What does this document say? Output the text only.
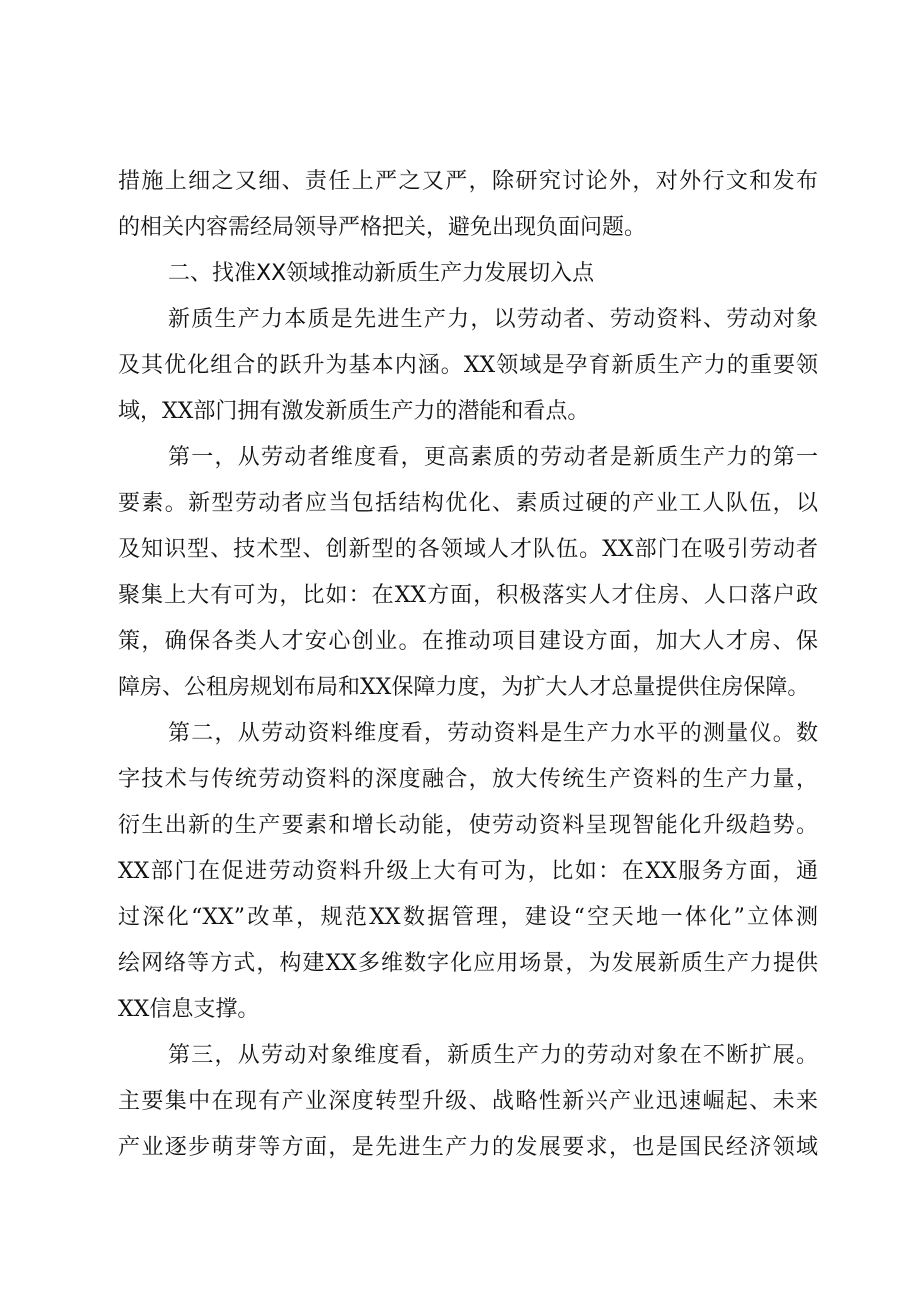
措施上细之又细、责任上严之又严，除研究讨论外，对外行文和发布
的相关内容需经局领导严格把关，避免出现负面问题。
二、找准XX领域推动新质生产力发展切入点
新质生产力本质是先进生产力，以劳动者、劳动资料、劳动对象
及其优化组合的跃升为基本内涵。XX领域是孕育新质生产力的重要领
域，XX部门拥有激发新质生产力的潜能和看点。
第一，从劳动者维度看，更高素质的劳动者是新质生产力的第一
要素。新型劳动者应当包括结构优化、素质过硬的产业工人队伍，以
及知识型、技术型、创新型的各领域人才队伍。XX部门在吸引劳动者
聚集上大有可为，比如：在XX方面，积极落实人才住房、人口落户政
策，确保各类人才安心创业。在推动项目建设方面，加大人才房、保
障房、公租房规划布局和XX保障力度，为扩大人才总量提供住房保障。
第二，从劳动资料维度看，劳动资料是生产力水平的测量仪。数
字技术与传统劳动资料的深度融合，放大传统生产资料的生产力量，
衍生出新的生产要素和增长动能，使劳动资料呈现智能化升级趋势。
XX部门在促进劳动资料升级上大有可为，比如：在XX服务方面，通
过深化“XX”改革，规范XX数据管理，建设“空天地一体化”立体测
绘网络等方式，构建XX多维数字化应用场景，为发展新质生产力提供
XX信息支撑。
第三，从劳动对象维度看，新质生产力的劳动对象在不断扩展。
主要集中在现有产业深度转型升级、战略性新兴产业迅速崛起、未来
产业逐步萌芽等方面，是先进生产力的发展要求，也是国民经济领域
